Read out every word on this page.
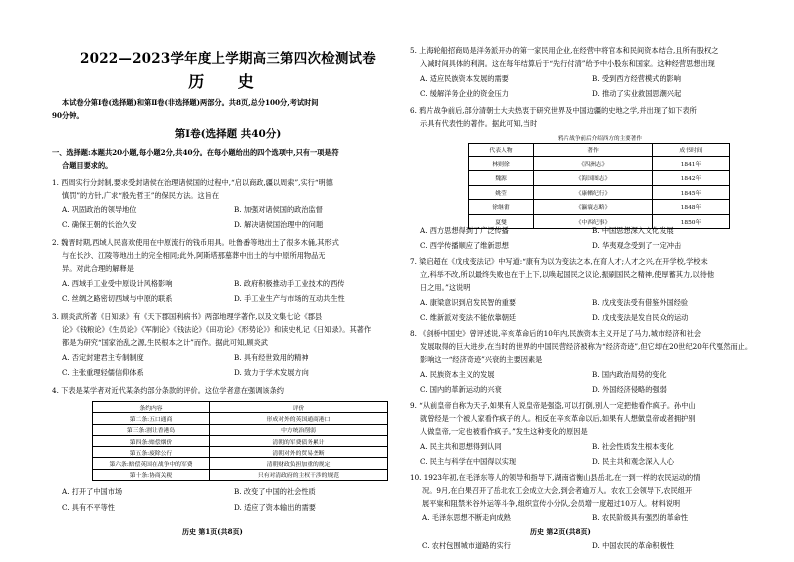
2022—2023学年度上学期高三第四次检测试卷
历 史
本试卷分第Ⅰ卷(选择题)和第Ⅱ卷(非选择题)两部分。共8页,总分100分,考试时间
90分钟。
第Ⅰ卷(选择题 共40分)
一、选择题:本题共20小题,每小题2分,共40分。在每小题给出的四个选项中,只有一项是符
合题目要求的。
1. 西周实行分封制,要求受封诸侯在治理诸侯国的过程中,“启以商政,疆以周索”,实行“明德
慎罚”的方针,广求“殷先哲王”的保民方法。这旨在
A. 巩固政治的领导地位	B. 加强对诸侯国的政治监督
C. 确保王朝的长治久安	D. 解决诸侯国治理中的问题
2. 魏晋时期,西域人民喜欢使用在中原流行的钱币用具。吐鲁番等地出土了很多木俑,其形式
与在长沙、江陵等地出土的完全相同;此外,阿斯塔那墓葬中出土的与中原所用物品无
异。对此合理的解释是
A. 西域手工业受中原设计风格影响	B. 政府积极推动手工业技术的西传
C. 丝绸之路密切西域与中原的联系	D. 手工业生产与市场的互动共生性
3. 顾炎武所著《日知录》有《天下郡国利病书》两部地理学著作,以及文集七论《郡县
论》《钱粮论》《生员论》《军制论》《钱法论》《田功论》《形势论》》和读史札记《日知录》。其著作
都是为研究“国家治乱之源,生民根本之计”而作。据此可知,顾炎武
A. 否定封建君主专制制度	B. 具有经世致用的精神
C. 主张重理轻儒信仰体系	D. 致力于学术发展方向
4. 下表是某学者对近代某条约部分条款的评价。这位学者意在强调该条约
条约内容	评价
第二条:五口通商	形成对外的英国通商港口
第三条:割让香港岛	中方统治削弱
第四条:赔偿烟价	清朝的军费债务累计
第五条:废除公行	清朝对外的贸易垄断
第六条:赔偿英国在战争中的军费	清朝财政负担加重的规定
第十条:协商关税	只有对清政府的主权干涉的规范
A. 打开了中国市场	B. 改变了中国的社会性质
C. 具有不平等性	D. 适应了资本输出的需要
历史 第1页(共8页)
5. 上海轮船招商局是洋务派开办的第一家民用企业,在经营中将官本和民间资本结合,且所有股权之
入减时间具体的利润。这在每年结算后于“先行付清”给予中小股东和国家。这种经营思想出现
A. 适应民族资本发展的需要	B. 受到西方经营模式的影响
C. 缓解洋务企业的资金压力	D. 推动了实业救国思潮兴起
6. 鸦片战争前后,部分清朝士大夫热衷于研究世界及中国边疆的史地之学,并出现了如下表所
示具有代表性的著作。据此可知,当时
鸦片战争前后介绍西方的主要著作
代表人物	著作	成书时间
林则徐	《四洲志》	1841年
魏源	《海国图志》	1842年
姚莹	《康輶纪行》	1845年
徐继畬	《瀛寰志略》	1848年
夏燮	《中西纪事》	1850年
A. 西方思想得到了广泛传播	B. 中国思想深入文化发展
C. 西学传播顺应了维新思想	D. 华夷观念受到了一定冲击
7. 梁启超在《戊戌变法记》中写道:“康有为以为变法之本,在育人才;人才之兴,在开学校,学校未
立,科举不改,所以最终失败也在于上下,以唤起国民之议论,振刷国民之精神,使厚蓄其力,以待他
日之用。”这说明
A. 康梁意识到启发民智的重要	B. 戊戌变法受有借鉴外国经验
C. 维新派对变法不能依靠朝廷	D. 戊戌变法是发自民众的运动
8. 《剑桥中国史》曾评述说,辛亥革命后的10年内,民族资本主义开足了马力,城市经济和社会
发展取得的巨大进步,在当时的世界的中国民营经济被称为“经济奇迹”,但它却在20世纪20年代戛然而止。
影响这一“经济奇迹”兴衰的主要因素是
A. 民族资本主义的发展	B. 国内政治局势的变化
C. 国内的革新运动的兴衰	D. 外国经济侵略的强弱
9. “从前皇帝自称为天子,如果有人说皇帝是强盗,可以打倒,别人一定把他看作疯子。孙中山
就曾经是一个被人家看作疯子的人。相反在辛亥革命以后,如果有人想做皇帝或者拥护别
人做皇帝,一定也被看作疯子。”发生这种变化的原因是
A. 民主共和思想得到认同	B. 社会性质发生根本变化
C. 民主与科学在中国得以实现	D. 民主共和观念深入人心
10. 1923年初,在毛泽东等人的领导和指导下,湖南省衡山县岳北,在一到一样的农民运动的情
况。9月,在白果召开了岳北农工会成立大会,到会者逾万人。农农工会领导下,农民组开
展平粜和阻禁米谷外运等斗争,组织宣传小分队,会员增一度超过10万人。材料说明
A. 毛泽东思想不断走向成熟	B. 农民阶级具有强烈的革命性
C. 农村包围城市道路的实行	D. 中国农民的革命积极性
历史 第2页(共8页)
